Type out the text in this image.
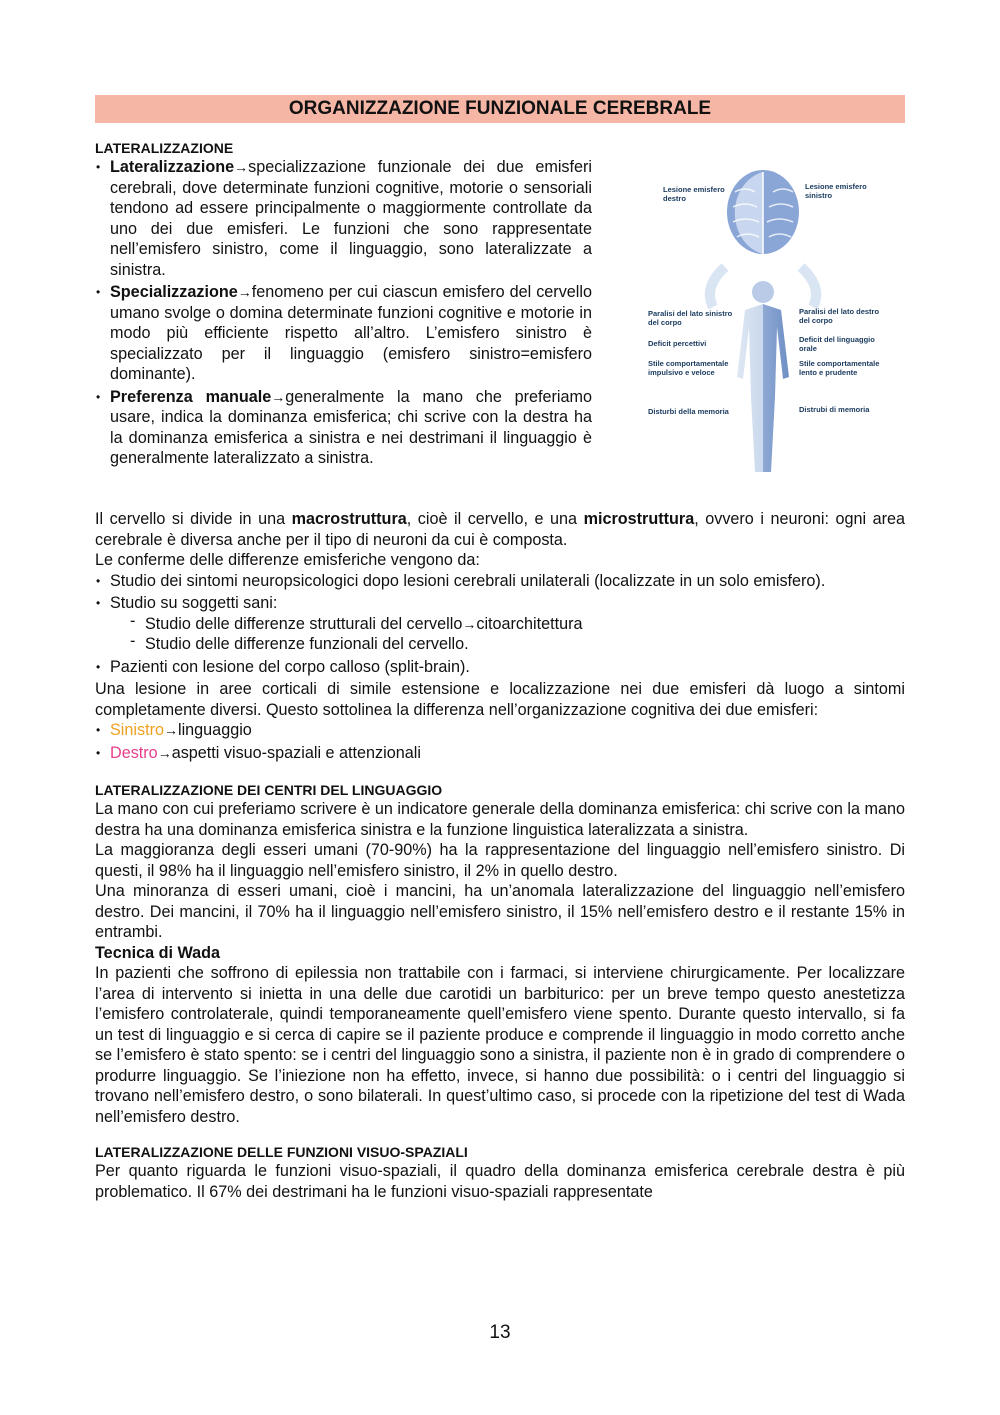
ORGANIZZAZIONE FUNZIONALE CEREBRALE

LATERALIZZAZIONE

• Lateralizzazione→specializzazione funzionale dei due emisferi cerebrali, dove determinate funzioni cognitive, motorie o sensoriali tendono ad essere principalmente o maggiormente controllate da uno dei due emisferi. Le funzioni che sono rappresentate nell’emisfero sinistro, come il linguaggio, sono lateralizzate a sinistra.
• Specializzazione→fenomeno per cui ciascun emisfero del cervello umano svolge o domina determinate funzioni cognitive e motorie in modo più efficiente rispetto all’altro. L’emisfero sinistro è specializzato per il linguaggio (emisfero sinistro=emisfero dominante).
• Preferenza manuale→generalmente la mano che preferiamo usare, indica la dominanza emisferica; chi scrive con la destra ha la dominanza emisferica a sinistra e nei destrimani il linguaggio è generalmente lateralizzato a sinistra.
Lesione emisfero destro
Lesione emisfero sinistro
Paralisi del lato sinistro del corpo
Deficit percettivi
Stile comportamentale impulsivo e veloce
Disturbi della memoria
Paralisi del lato destro del corpo
Deficit del linguaggio orale
Stile comportamentale lento e prudente
Distrubi di memoria

Il cervello si divide in una macrostruttura, cioè il cervello, e una microstruttura, ovvero i neuroni: ogni area cerebrale è diversa anche per il tipo di neuroni da cui è composta.

Le conferme delle differenze emisferiche vengono da:

• Studio dei sintomi neuropsicologici dopo lesioni cerebrali unilaterali (localizzate in un solo emisfero).
• Studio su soggetti sani:
- Studio delle differenze strutturali del cervello→citoarchitettura
- Studio delle differenze funzionali del cervello.
• Pazienti con lesione del corpo calloso (split-brain).

Una lesione in aree corticali di simile estensione e localizzazione nei due emisferi dà luogo a sintomi completamente diversi. Questo sottolinea la differenza nell’organizzazione cognitiva dei due emisferi:

• Sinistro→linguaggio
• Destro→aspetti visuo-spaziali e attenzionali

LATERALIZZAZIONE DEI CENTRI DEL LINGUAGGIO

La mano con cui preferiamo scrivere è un indicatore generale della dominanza emisferica: chi scrive con la mano destra ha una dominanza emisferica sinistra e la funzione linguistica lateralizzata a sinistra.

La maggioranza degli esseri umani (70-90%) ha la rappresentazione del linguaggio nell’emisfero sinistro. Di questi, il 98% ha il linguaggio nell’emisfero sinistro, il 2% in quello destro.

Una minoranza di esseri umani, cioè i mancini, ha un’anomala lateralizzazione del linguaggio nell’emisfero destro. Dei mancini, il 70% ha il linguaggio nell’emisfero sinistro, il 15% nell’emisfero destro e il restante 15% in entrambi.

Tecnica di Wada

In pazienti che soffrono di epilessia non trattabile con i farmaci, si interviene chirurgicamente. Per localizzare l’area di intervento si inietta in una delle due carotidi un barbiturico: per un breve tempo questo anestetizza l’emisfero controlaterale, quindi temporaneamente quell’emisfero viene spento. Durante questo intervallo, si fa un test di linguaggio e si cerca di capire se il paziente produce e comprende il linguaggio in modo corretto anche se l’emisfero è stato spento: se i centri del linguaggio sono a sinistra, il paziente non è in grado di comprendere o produrre linguaggio. Se l’iniezione non ha effetto, invece, si hanno due possibilità: o i centri del linguaggio si trovano nell’emisfero destro, o sono bilaterali. In quest’ultimo caso, si procede con la ripetizione del test di Wada nell’emisfero destro.

LATERALIZZAZIONE DELLE FUNZIONI VISUO-SPAZIALI

Per quanto riguarda le funzioni visuo-spaziali, il quadro della dominanza emisferica cerebrale destra è più problematico. Il 67% dei destrimani ha le funzioni visuo-spaziali rappresentate

13
